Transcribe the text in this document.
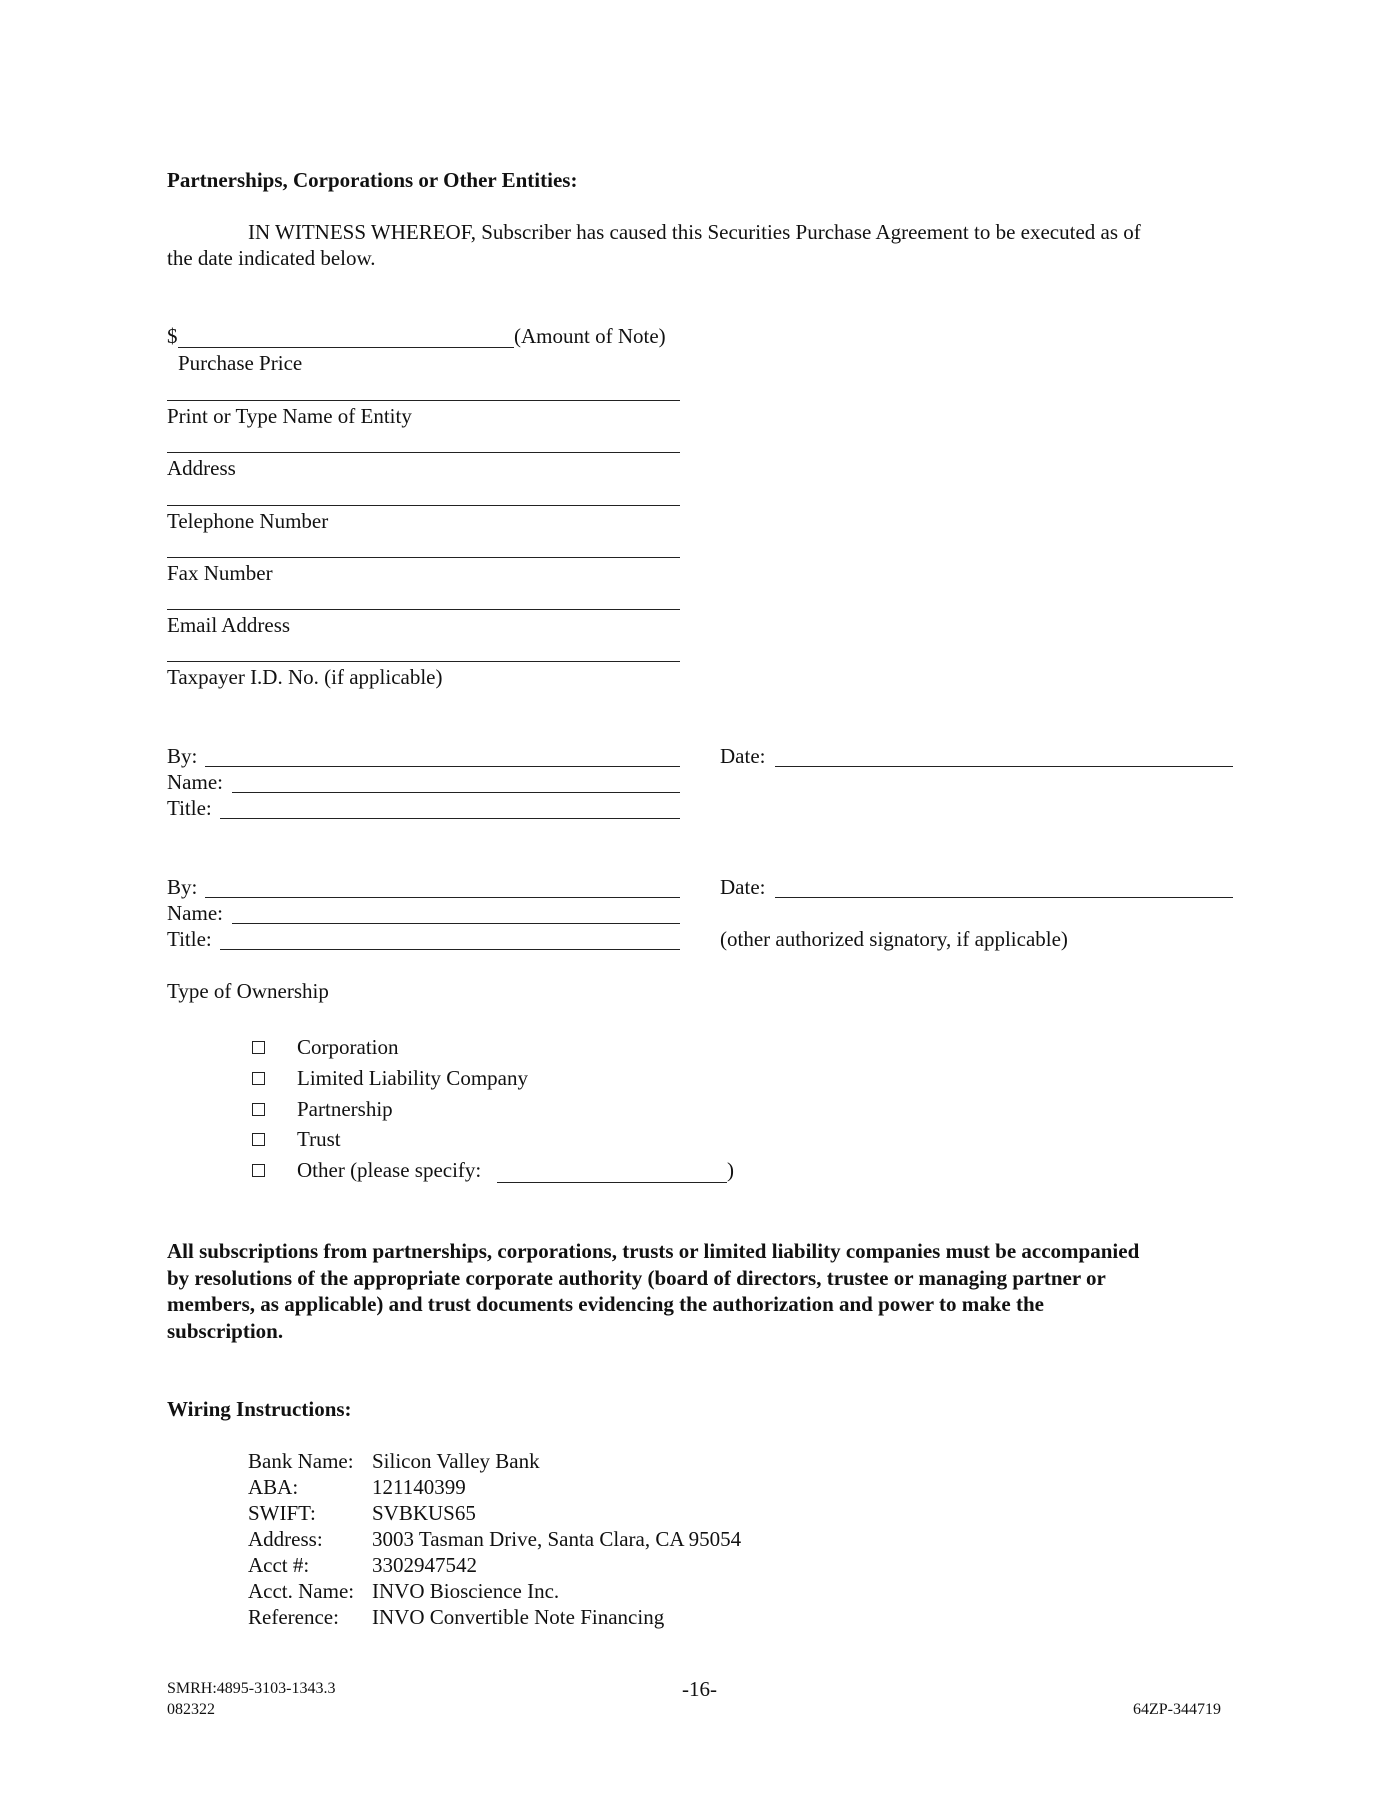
Partnerships, Corporations or Other Entities:
IN WITNESS WHEREOF, Subscriber has caused this Securities Purchase Agreement to be executed as of
the date indicated below.
$	(Amount of Note)
Purchase Price
Print or Type Name of Entity
Address
Telephone Number
Fax Number
Email Address
Taxpayer I.D. No. (if applicable)
By:
Name:
Title:
Date:
By:
Name:
Title:
Date:
(other authorized signatory, if applicable)
Type of Ownership
Corporation
Limited Liability Company
Partnership
Trust
Other (please specify:	)
All subscriptions from partnerships, corporations, trusts or limited liability companies must be accompanied
by resolutions of the appropriate corporate authority (board of directors, trustee or managing partner or
members, as applicable) and trust documents evidencing the authorization and power to make the
subscription.
Wiring Instructions:
Bank Name: Silicon Valley Bank
ABA:	121140399
SWIFT:	SVBKUS65
Address: 3003 Tasman Drive, Santa Clara, CA 95054
Acct #:	3302947542
Acct. Name: INVO Bioscience Inc.
Reference: INVO Convertible Note Financing
SMRH:4895-3103-1343.3
082322
-16-
64ZP-344719
